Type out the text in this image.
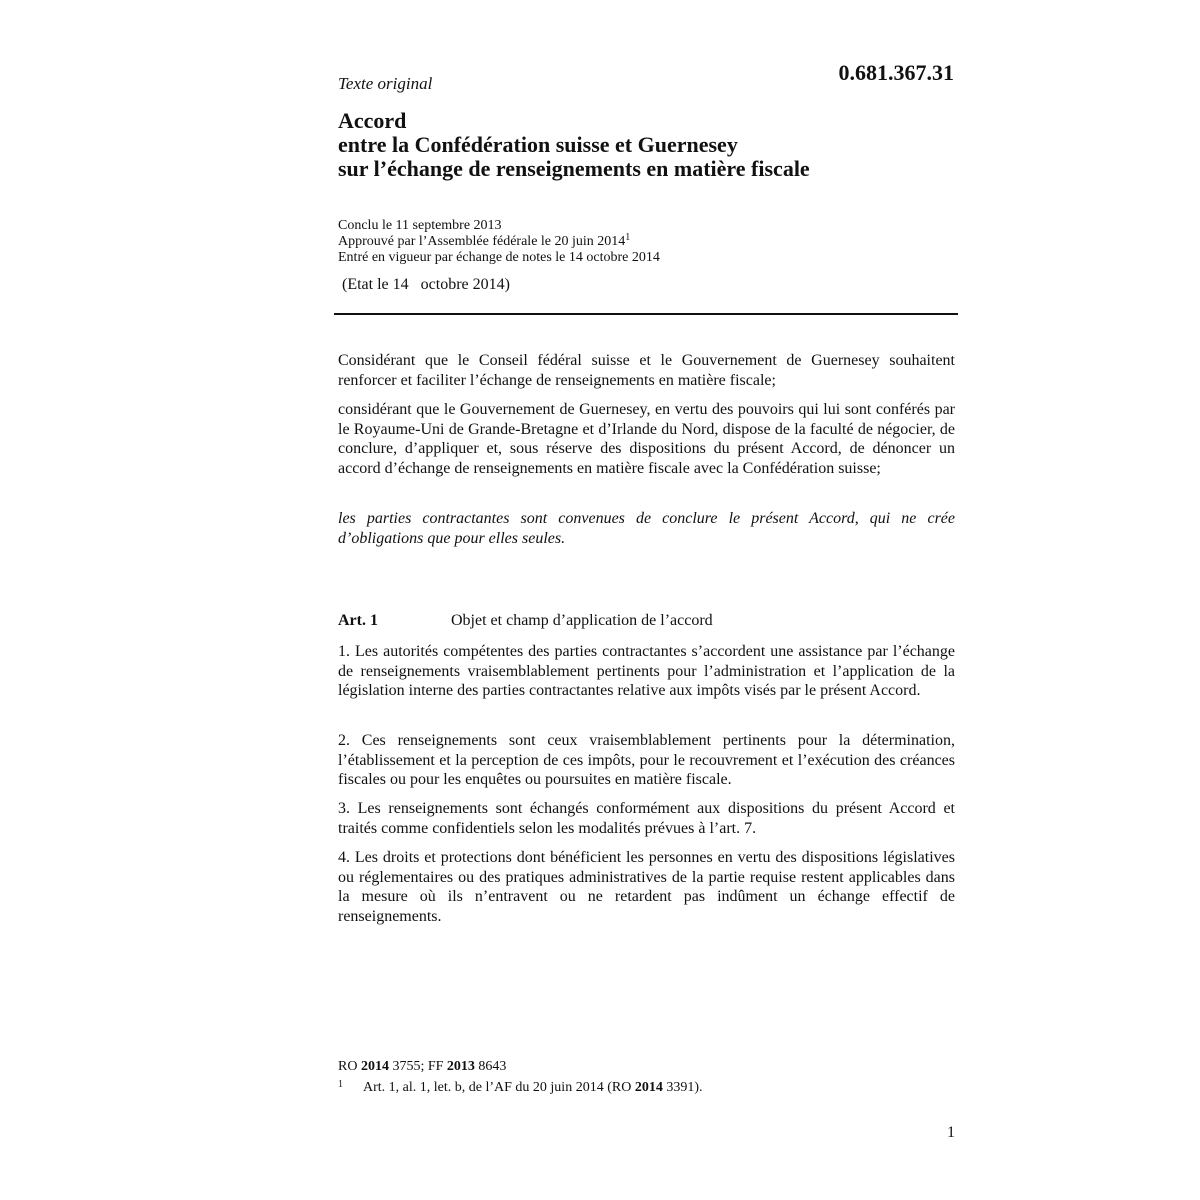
Texte original	0.681.367.31
Accord
entre la Confédération suisse et Guernesey
sur l’échange de renseignements en matière fiscale
Conclu le 11 septembre 2013
Approuvé par l’Assemblée fédérale le 20 juin 2014$^1$
Entré en vigueur par échange de notes le 14 octobre 2014
(Etat le 14   octobre 2014)
Considérant que le Conseil fédéral suisse et le Gouvernement de Guernesey souhaitent renforcer et faciliter l’échange de renseignements en matière fiscale;
considérant que le Gouvernement de Guernesey, en vertu des pouvoirs qui lui sont conférés par le Royaume-Uni de Grande-Bretagne et d’Irlande du Nord, dispose de la faculté de négocier, de conclure, d’appliquer et, sous réserve des dispositions du présent Accord, de dénoncer un accord d’échange de renseignements en matière fiscale avec la Confédération suisse;
les parties contractantes sont convenues de conclure le présent Accord, qui ne crée d’obligations que pour elles seules.
Art. 1	Objet et champ d’application de l’accord
1. Les autorités compétentes des parties contractantes s’accordent une assistance par l’échange de renseignements vraisemblablement pertinents pour l’administration et l’application de la législation interne des parties contractantes relative aux impôts visés par le présent Accord.
2. Ces renseignements sont ceux vraisemblablement pertinents pour la détermination, l’établissement et la perception de ces impôts, pour le recouvrement et l’exécution des créances fiscales ou pour les enquêtes ou poursuites en matière fiscale.
3. Les renseignements sont échangés conformément aux dispositions du présent Accord et traités comme confidentiels selon les modalités prévues à l’art. 7.
4. Les droits et protections dont bénéficient les personnes en vertu des dispositions législatives ou réglementaires ou des pratiques administratives de la partie requise restent applicables dans la mesure où ils n’entravent ou ne retardent pas indûment un échange effectif de renseignements.
RO 2014 3755; FF 2013 8643
$^1$ Art. 1, al. 1, let. b, de l’AF du 20 juin 2014 (RO 2014 3391).
1
